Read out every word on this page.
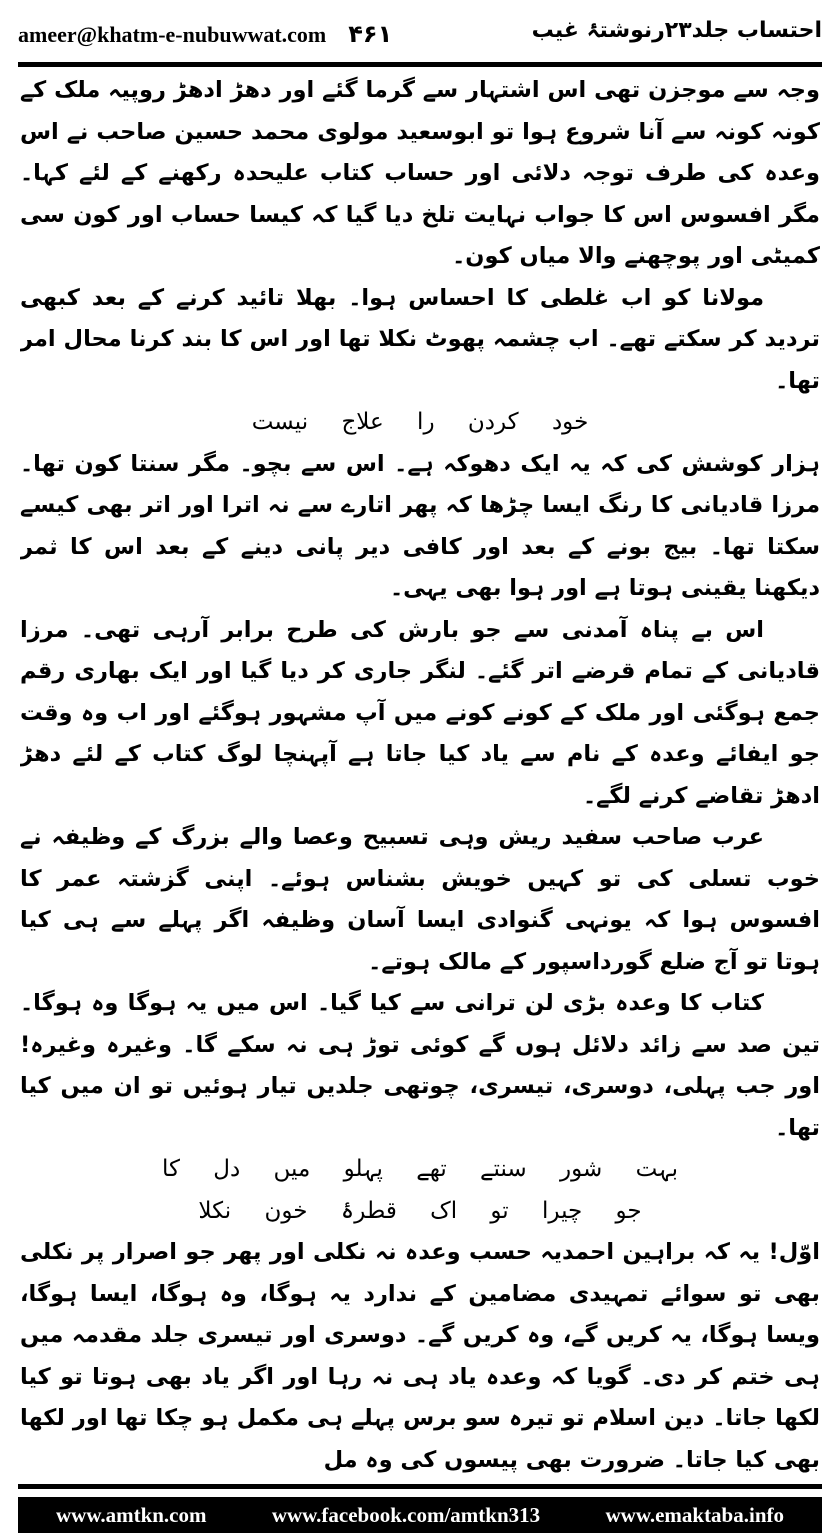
ameer@khatm-e-nubuwwat.com ۴۶۱	احتساب جلد۲۳رنوشتۂ غیب

وجہ سے موجزن تھی اس اشتہار سے گرما گئے اور دھڑ ادھڑ روپیہ ملک کے کونہ کونہ سے آنا شروع ہوا تو ابوسعید مولوی محمد حسین صاحب نے اس وعدہ کی طرف توجہ دلائی اور حساب کتاب علیحدہ رکھنے کے لئے کہا۔ مگر افسوس اس کا جواب نہایت تلخ دیا گیا کہ کیسا حساب اور کون سی کمیٹی اور پوچھنے والا میاں کون۔

مولانا کو اب غلطی کا احساس ہوا۔ بھلا تائید کرنے کے بعد کبھی تردید کر سکتے تھے۔ اب چشمہ پھوٹ نکلا تھا اور اس کا بند کرنا محال امر تھا۔

خود کردن را علاج نیست

ہزار کوشش کی کہ یہ ایک دھوکہ ہے۔ اس سے بچو۔ مگر سنتا کون تھا۔ مرزا قادیانی کا رنگ ایسا چڑھا کہ پھر اتارے سے نہ اترا اور اتر بھی کیسے سکتا تھا۔ بیج بونے کے بعد اور کافی دیر پانی دینے کے بعد اس کا ثمر دیکھنا یقینی ہوتا ہے اور ہوا بھی یہی۔

اس بے پناہ آمدنی سے جو بارش کی طرح برابر آرہی تھی۔ مرزا قادیانی کے تمام قرضے اتر گئے۔ لنگر جاری کر دیا گیا اور ایک بھاری رقم جمع ہوگئی اور ملک کے کونے کونے میں آپ مشہور ہوگئے اور اب وہ وقت جو ایفائے وعدہ کے نام سے یاد کیا جاتا ہے آپہنچا لوگ کتاب کے لئے دھڑ ادھڑ تقاضے کرنے لگے۔

عرب صاحب سفید ریش وہی تسبیح وعصا والے بزرگ کے وظیفہ نے خوب تسلی کی تو کہیں خویش بشناس ہوئے۔ اپنی گزشتہ عمر کا افسوس ہوا کہ یونہی گنوادی ایسا آسان وظیفہ اگر پہلے سے ہی کیا ہوتا تو آج ضلع گورداسپور کے مالک ہوتے۔

کتاب کا وعدہ بڑی لن ترانی سے کیا گیا۔ اس میں یہ ہوگا وہ ہوگا۔ تین صد سے زائد دلائل ہوں گے کوئی توڑ ہی نہ سکے گا۔ وغیرہ وغیرہ! اور جب پہلی، دوسری، تیسری، چوتھی جلدیں تیار ہوئیں تو ان میں کیا تھا۔

بہت شور سنتے تھے پہلو میں دل کا

جو چیرا تو اک قطرۂ خون نکلا

اوّل! یہ کہ براہین احمدیہ حسب وعدہ نہ نکلی اور پھر جو اصرار پر نکلی بھی تو سوائے تمہیدی مضامین کے ندارد یہ ہوگا، وہ ہوگا، ایسا ہوگا، ویسا ہوگا، یہ کریں گے، وہ کریں گے۔ دوسری اور تیسری جلد مقدمہ میں ہی ختم کر دی۔ گویا کہ وعدہ یاد ہی نہ رہا اور اگر یاد بھی ہوتا تو کیا لکھا جاتا۔ دین اسلام تو تیرہ سو برس پہلے ہی مکمل ہو چکا تھا اور لکھا بھی کیا جاتا۔ ضرورت بھی پیسوں کی وہ مل

www.amtkn.com	www.facebook.com/amtkn313	www.emaktaba.info
